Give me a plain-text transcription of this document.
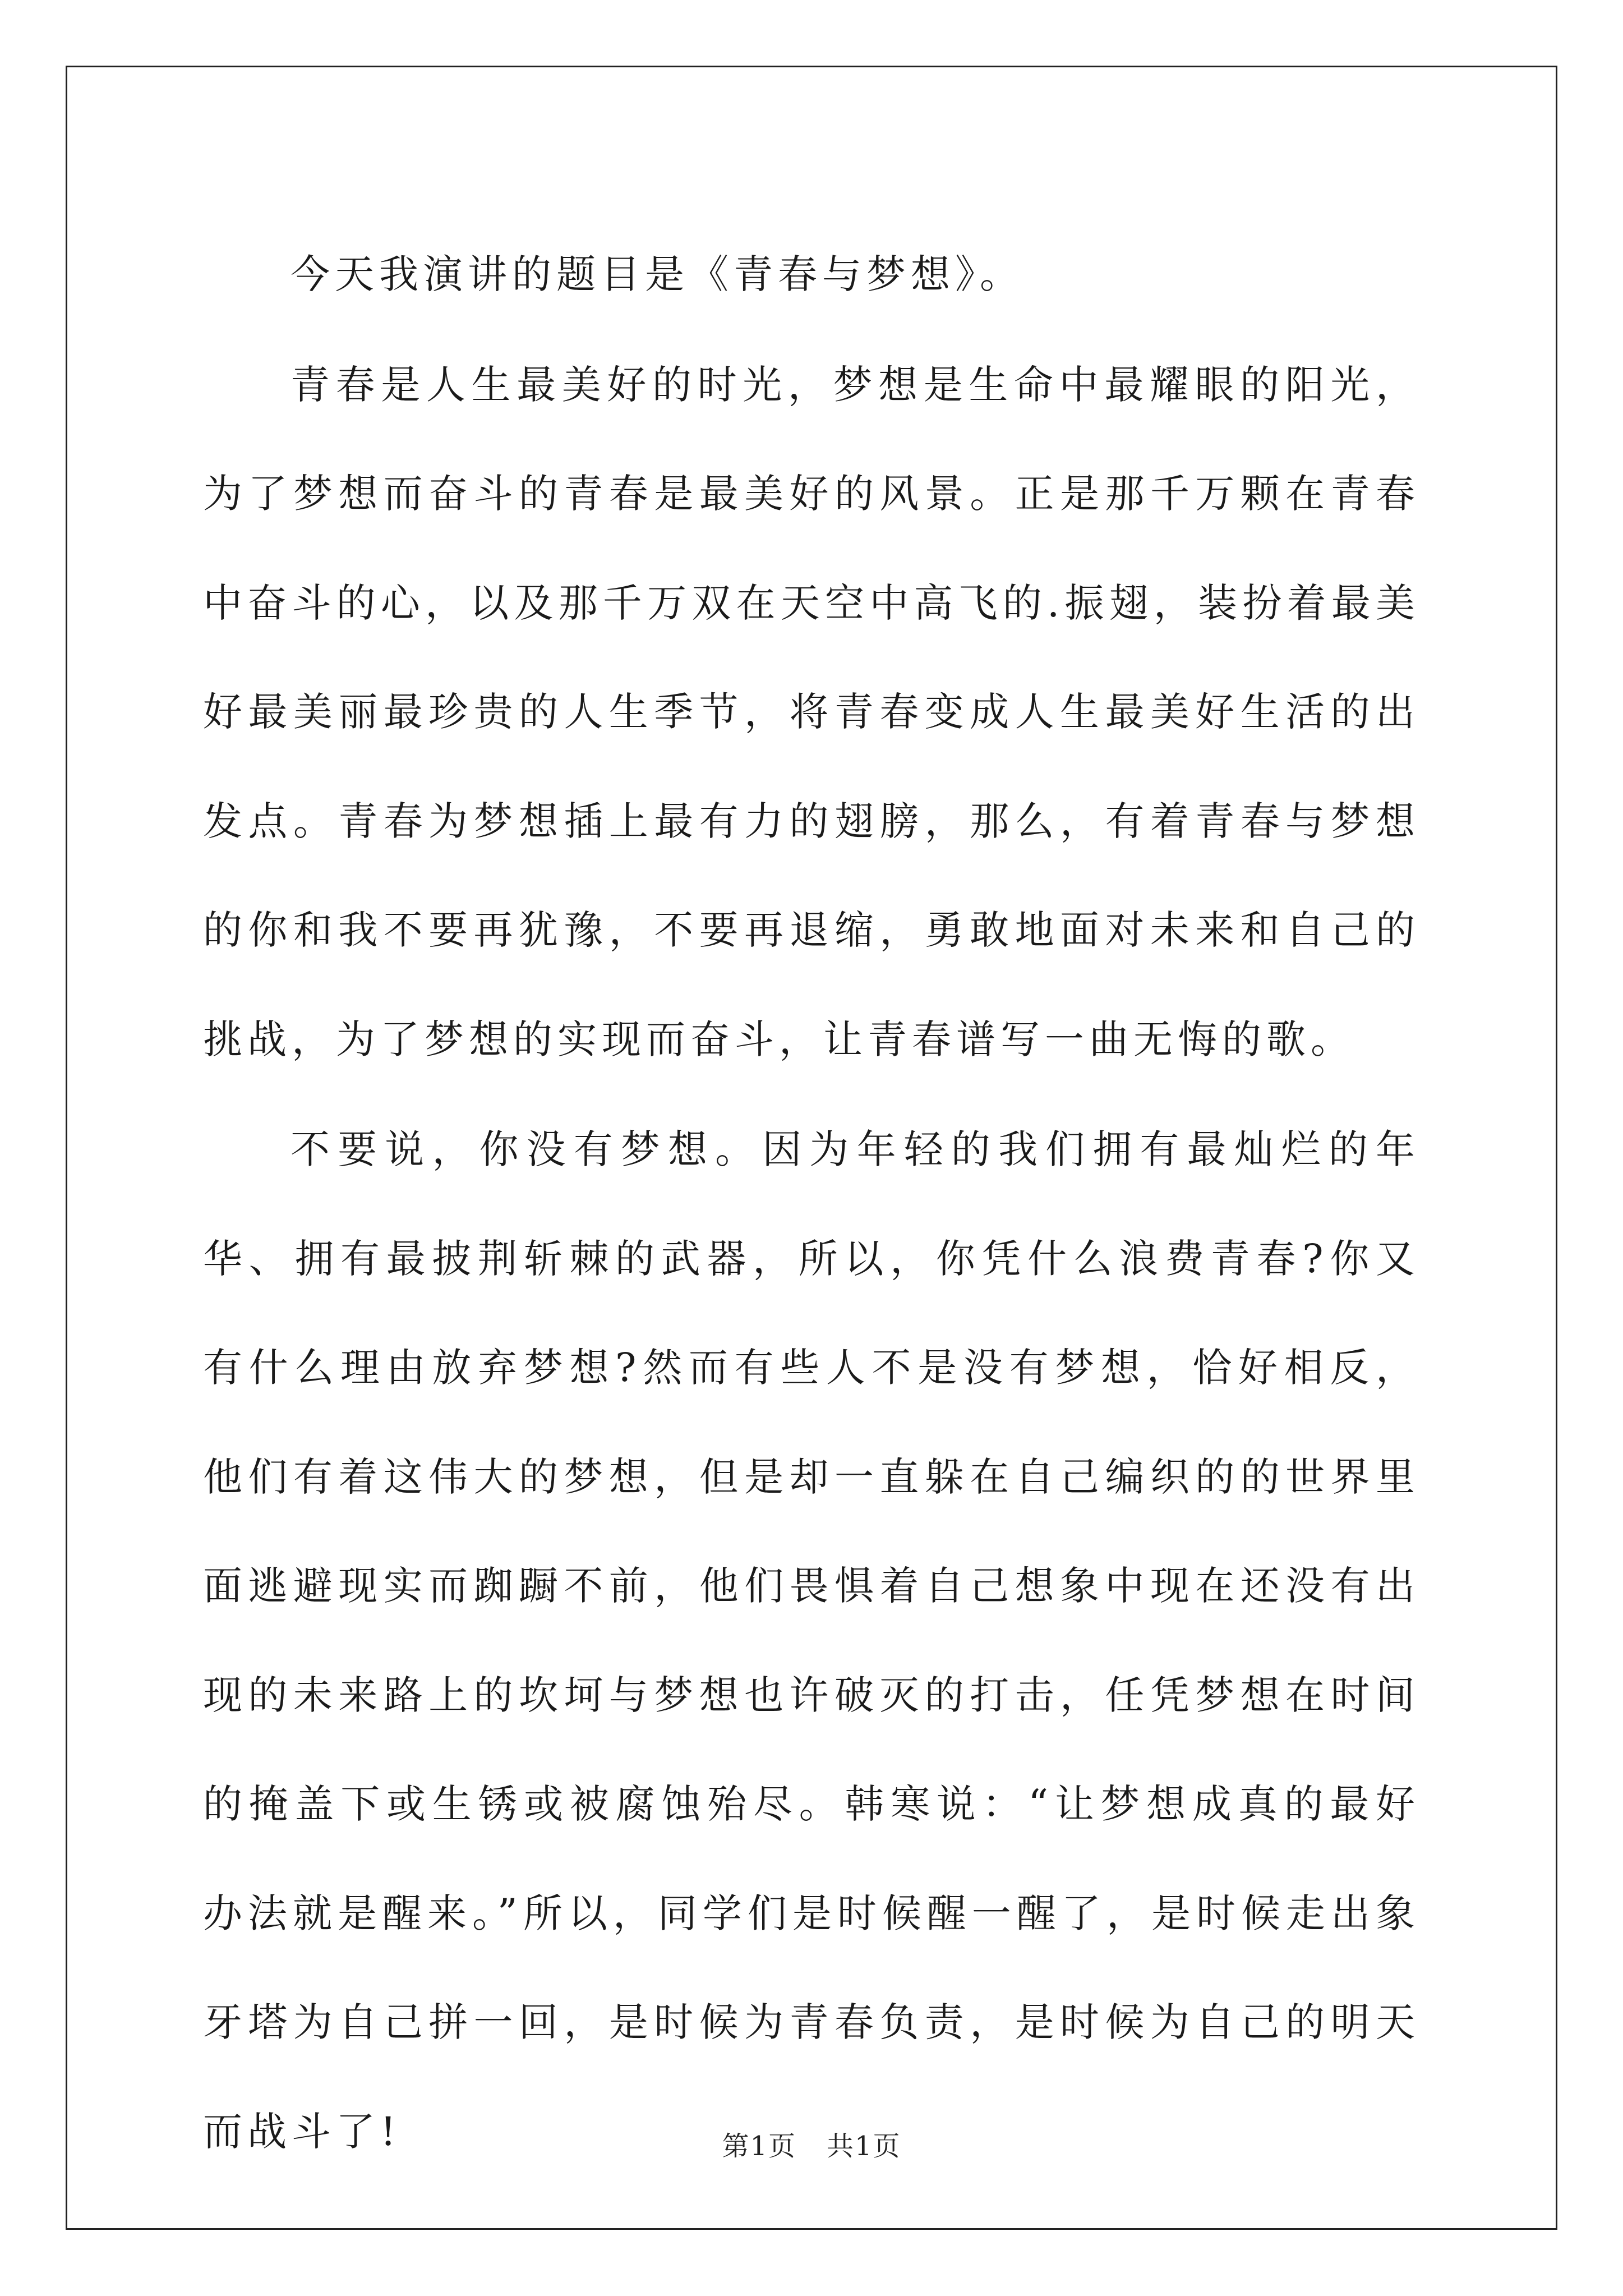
今天我演讲的题目是《青春与梦想》。

青春是人生最美好的时光，梦想是生命中最耀眼的阳光，为了梦想而奋斗的青春是最美好的风景。正是那千万颗在青春中奋斗的心，以及那千万双在天空中高飞的.振翅，装扮着最美好最美丽最珍贵的人生季节，将青春变成人生最美好生活的出发点。青春为梦想插上最有力的翅膀，那么，有着青春与梦想的你和我不要再犹豫，不要再退缩，勇敢地面对未来和自己的挑战，为了梦想的实现而奋斗，让青春谱写一曲无悔的歌。

不要说，你没有梦想。因为年轻的我们拥有最灿烂的年华、拥有最披荆斩棘的武器，所以，你凭什么浪费青春?你又有什么理由放弃梦想?然而有些人不是没有梦想，恰好相反，他们有着这伟大的梦想，但是却一直躲在自己编织的的世界里面逃避现实而踟蹰不前，他们畏惧着自己想象中现在还没有出现的未来路上的坎坷与梦想也许破灭的打击，任凭梦想在时间的掩盖下或生锈或被腐蚀殆尽。韩寒说：“让梦想成真的最好办法就是醒来。”所以，同学们是时候醒一醒了，是时候走出象牙塔为自己拼一回，是时候为青春负责，是时候为自己的明天而战斗了!	第1页 共1页
